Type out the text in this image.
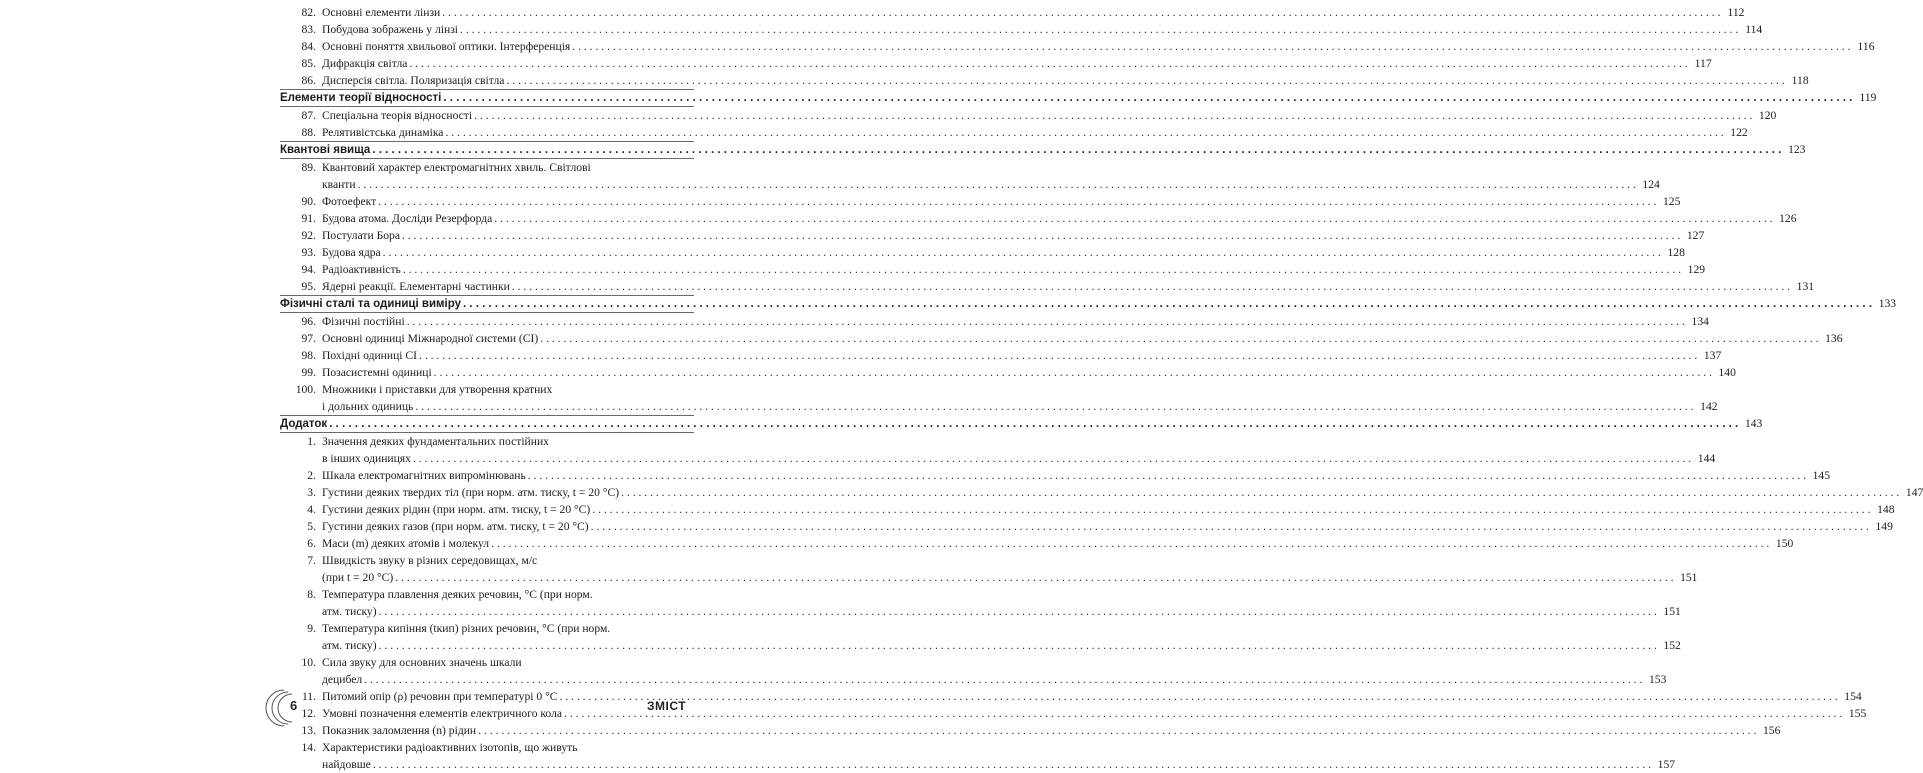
82. Основні елементи лінзи . . .	112
83. Побудова зображень у лінзі . . .	114
84. Основні поняття хвильової оптики. Інтерференція . . .	116
85. Дифракція світла . . .	117
86. Дисперсія світла. Поляризація світла . . .	118
Елементи теорії відносності . . .	119
87. Спеціальна теорія відносності . . .	120
88. Релятивістська динаміка . . .	122
Квантові явища . . .	123
89. Квантовий характер електромагнітних хвиль. Світлові
кванти . . .	124
90. Фотоефект . . .	125
91. Будова атома. Досліди Резерфорда . . .	126
92. Постулати Бора . . .	127
93. Будова ядра . . .	128
94. Радіоактивність . . .	129
95. Ядерні реакції. Елементарні частинки . . .	131
Фізичні сталі та одиниці виміру . . .	133
96. Фізичні постійні . . .	134
97. Основні одиниці Міжнародної системи (СІ) . . .	136
98. Похідні одиниці СІ . . .	137
99. Позасистемні одиниці . . .	140
100. Множники і приставки для утворення кратних
і дольних одиниць . . .	142
Додаток . . .	143
1. Значення деяких фундаментальних постійних
в інших одиницях . . .	144
2. Шкала електромагнітних випромінювань . . .	145
3. Густини деяких твердих тіл (при норм. атм. тиску, t = 20 °С) . . .	147
4. Густини деяких рідин (при норм. атм. тиску, t = 20 °С) . . .	148
5. Густини деяких газов (при норм. атм. тиску, t = 20 °С) . . .	149
6. Маси (m) деяких атомів і молекул . . .	150
7. Швидкість звуку в різних середовищах, м/с
(при t = 20 °С) . . .	151
8. Температура плавлення деяких речовин, °С (при норм.
атм. тиску) . . .	151
9. Температура кипіння (tкип) різних речовин, °С (при норм.
атм. тиску) . . .	152
10. Сила звуку для основних значень шкали
децибел . . .	153
11. Питомий опір (ρ) речовин при температурі 0 °С . . .	154
12. Умовні позначення елементів електричного кола . . .	155
13. Показник заломлення (n) рідин . . .	156
14. Характеристики радіоактивних ізотопів, що живуть
найдовше . . .	157
6	ЗМІСТ
